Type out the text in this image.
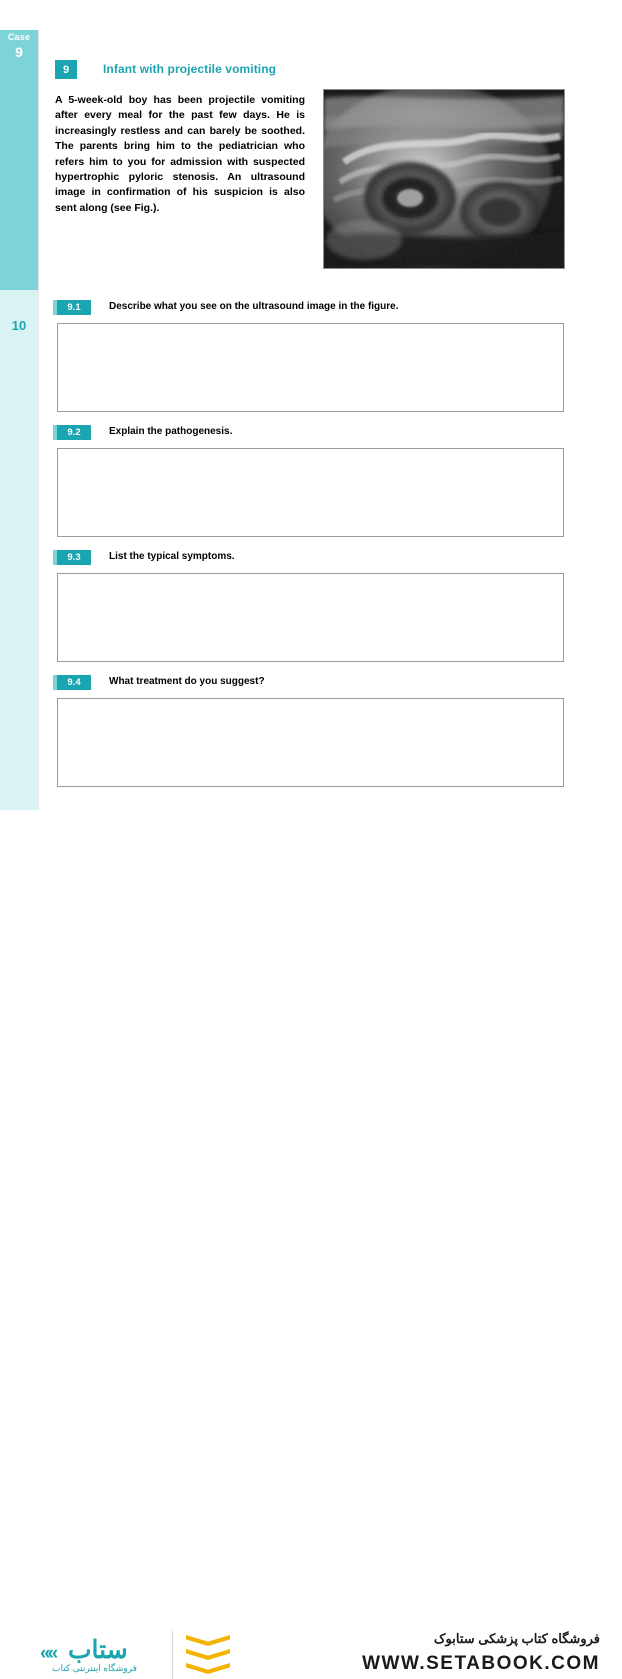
Case
9
10
9	Infant with projectile vomiting
A 5-week-old boy has been projectile vomiting after every meal for the past few days. He is increasingly restless and can barely be soothed. The parents bring him to the pediatrician who refers him to you for admission with suspected hypertrophic pyloric stenosis. An ultrasound image in confirmation of his suspicion is also sent along (see Fig.).
9.1	Describe what you see on the ultrasound image in the figure.
9.2	Explain the pathogenesis.
9.3	List the typical symptoms.
9.4	What treatment do you suggest?
«« ستاب
فروشگاه اینترنتی کتاب
فروشگاه کتاب پزشکی ستابوک
WWW.SETABOOK.COM
